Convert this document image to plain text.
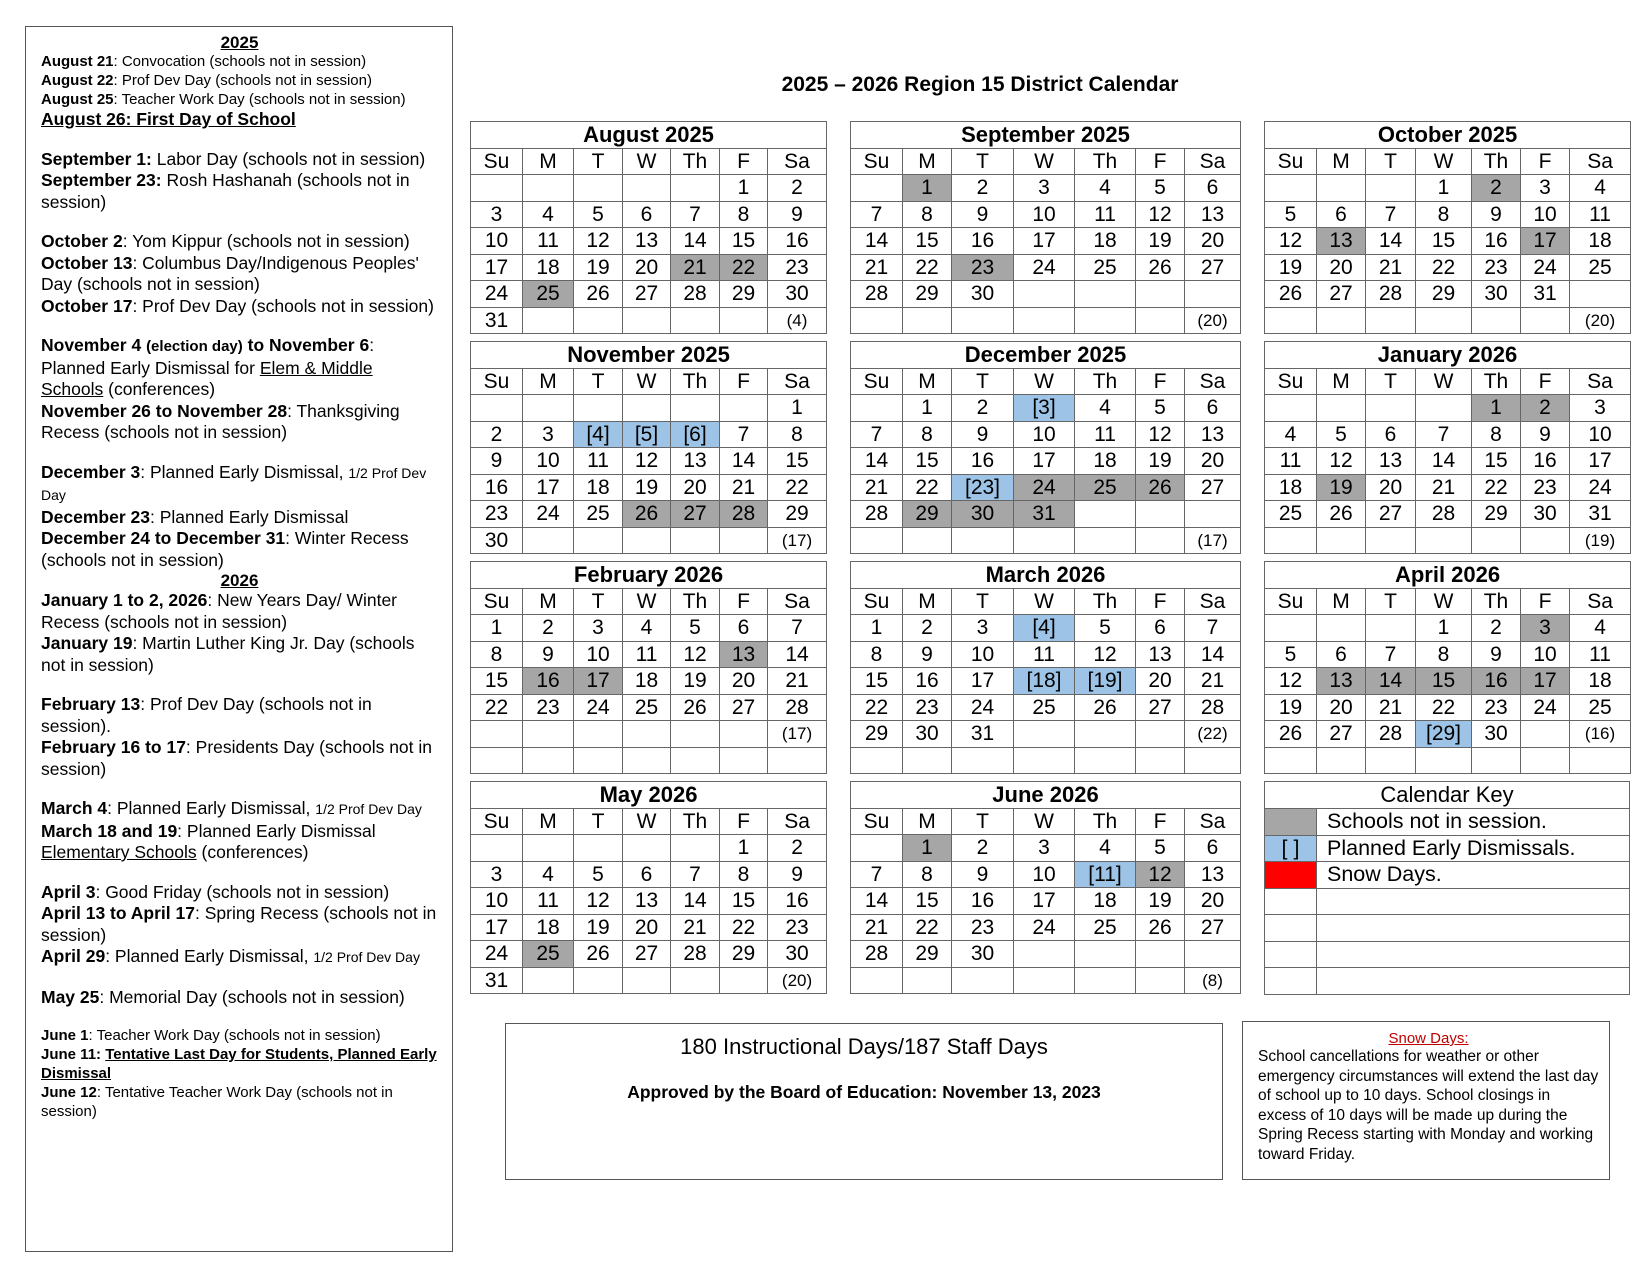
2025

August 21: Convocation (schools not in session)

August 22: Prof Dev Day (schools not in session)

August 25: Teacher Work Day (schools not in session)

August 26: First Day of School

September 1: Labor Day (schools not in session)

September 23: Rosh Hashanah (schools not in session)

October 2: Yom Kippur (schools not in session)

October 13: Columbus Day/Indigenous Peoples' Day (schools not in session)

October 17: Prof Dev Day (schools not in session)

November 4 (election day) to November 6: Planned Early Dismissal for Elem & Middle Schools (conferences)

November 26 to November 28: Thanksgiving Recess (schools not in session)

December 3: Planned Early Dismissal, 1/2 Prof Dev Day

December 23: Planned Early Dismissal

December 24 to December 31: Winter Recess (schools not in session)

2026

January 1 to 2, 2026: New Years Day/ Winter Recess (schools not in session)

January 19: Martin Luther King Jr. Day (schools not in session)

February 13: Prof Dev Day (schools not in session).

February 16 to 17: Presidents Day (schools not in session)

March 4: Planned Early Dismissal, 1/2 Prof Dev Day

March 18 and 19: Planned Early Dismissal Elementary Schools (conferences)

April 3: Good Friday (schools not in session)

April 13 to April 17: Spring Recess (schools not in session)

April 29: Planned Early Dismissal, 1/2 Prof Dev Day

May 25: Memorial Day (schools not in session)

June 1: Teacher Work Day (schools not in session)

June 11: Tentative Last Day for Students, Planned Early Dismissal

June 12: Tentative Teacher Work Day (schools not in session)

2025 – 2026 Region 15 District Calendar
August 2025						
Su	M	T	W	Th	F	Sa
					1	2
3	4	5	6	7	8	9
10	11	12	13	14	15	16
17	18	19	20	21	22	23
24	25	26	27	28	29	30
31						(4)
September 2025						
Su	M	T	W	Th	F	Sa
	1	2	3	4	5	6
7	8	9	10	11	12	13
14	15	16	17	18	19	20
21	22	23	24	25	26	27
28	29	30				
						(20)
October 2025						
Su	M	T	W	Th	F	Sa
			1	2	3	4
5	6	7	8	9	10	11
12	13	14	15	16	17	18
19	20	21	22	23	24	25
26	27	28	29	30	31	
						(20)
November 2025						
Su	M	T	W	Th	F	Sa
						1
2	3	[4]	[5]	[6]	7	8
9	10	11	12	13	14	15
16	17	18	19	20	21	22
23	24	25	26	27	28	29
30						(17)
December 2025						
Su	M	T	W	Th	F	Sa
	1	2	[3]	4	5	6
7	8	9	10	11	12	13
14	15	16	17	18	19	20
21	22	[23]	24	25	26	27
28	29	30	31			
						(17)
January 2026						
Su	M	T	W	Th	F	Sa
				1	2	3
4	5	6	7	8	9	10
11	12	13	14	15	16	17
18	19	20	21	22	23	24
25	26	27	28	29	30	31
						(19)
February 2026						
Su	M	T	W	Th	F	Sa
1	2	3	4	5	6	7
8	9	10	11	12	13	14
15	16	17	18	19	20	21
22	23	24	25	26	27	28
						(17)

March 2026						
Su	M	T	W	Th	F	Sa
1	2	3	[4]	5	6	7
8	9	10	11	12	13	14
15	16	17	[18]	[19]	20	21
22	23	24	25	26	27	28
29	30	31				(22)

April 2026						
Su	M	T	W	Th	F	Sa
			1	2	3	4
5	6	7	8	9	10	11
12	13	14	15	16	17	18
19	20	21	22	23	24	25
26	27	28	[29]	30		(16)

May 2026						
Su	M	T	W	Th	F	Sa
					1	2
3	4	5	6	7	8	9
10	11	12	13	14	15	16
17	18	19	20	21	22	23
24	25	26	27	28	29	30
31						(20)
June 2026						
Su	M	T	W	Th	F	Sa
	1	2	3	4	5	6
7	8	9	10	[11]	12	13
14	15	16	17	18	19	20
21	22	23	24	25	26	27
28	29	30				
						(8)
Calendar Key	
	Schools not in session.
[ ]	Planned Early Dismissals.
	Snow Days.

180 Instructional Days/187 Staff Days
Approved by the Board of Education: November 13, 2023
Snow Days:
School cancellations for weather or other emergency circumstances will extend the last day of school up to 10 days. School closings in excess of 10 days will be made up during the Spring Recess starting with Monday and working toward Friday.
